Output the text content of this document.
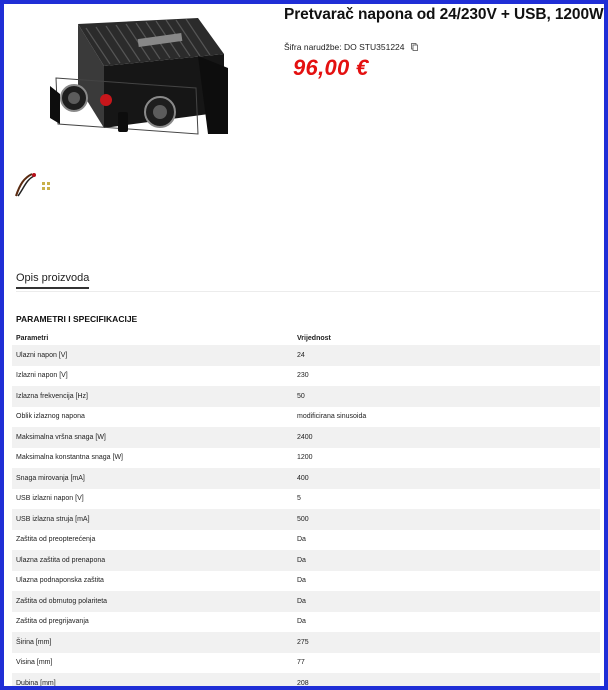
Pretvarač napona od 24/230V + USB, 1200W
Šifra narudžbe: DO STU351224
96,00 €
Opis proizvoda
PARAMETRI I SPECIFIKACIJE
Parametri	Vrijednost
Ulazni napon [V]	24
Izlazni napon [V]	230
Izlazna frekvencija [Hz]	50
Oblik izlaznog napona	modificirana sinusoida
Maksimalna vršna snaga [W]	2400
Maksimalna konstantna snaga [W]	1200
Snaga mirovanja [mA]	400
USB izlazni napon [V]	5
USB izlazna struja [mA]	500
Zaštita od preopterećenja	Da
Ulazna zaštita od prenapona	Da
Ulazna podnaponska zaštita	Da
Zaštita od obrnutog polariteta	Da
Zaštita od pregrijavanja	Da
Širina [mm]	275
Visina [mm]	77
Dubina [mm]	208
